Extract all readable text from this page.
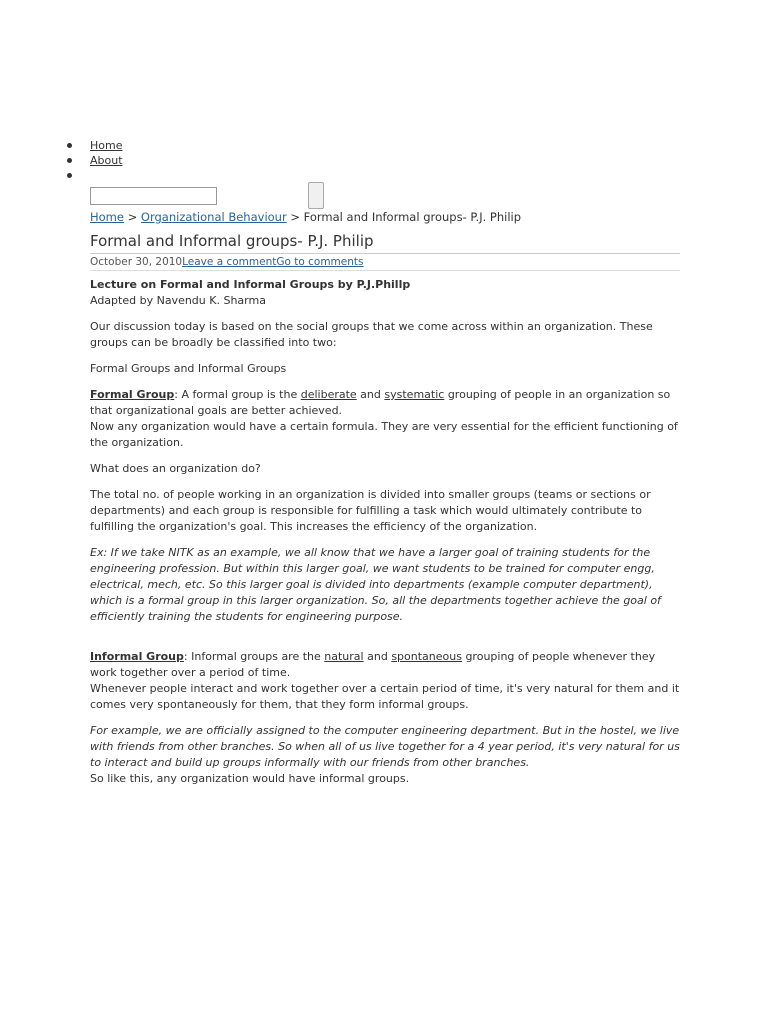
Home
About
Home > Organizational Behaviour > Formal and Informal groups- P.J. Philip
Formal and Informal groups- P.J. Philip
October 30, 2010Leave a commentGo to comments

Lecture on Formal and Informal Groups by P.J.Phillp

Adapted by Navendu K. Sharma

Our discussion today is based on the social groups that we come across within an organization. These groups can be broadly be classified into two:

Formal Groups and Informal Groups

Formal Group: A formal group is the deliberate and systematic grouping of people in an organization so that organizational goals are better achieved.
Now any organization would have a certain formula. They are very essential for the efficient functioning of the organization.

What does an organization do?

The total no. of people working in an organization is divided into smaller groups (teams or sections or departments) and each group is responsible for fulfilling a task which would ultimately contribute to fulfilling the organization's goal. This increases the efficiency of the organization.

Ex: If we take NITK as an example, we all know that we have a larger goal of training students for the engineering profession. But within this larger goal, we want students to be trained for computer engg, electrical, mech, etc. So this larger goal is divided into departments (example computer department), which is a formal group in this larger organization. So, all the departments together achieve the goal of efficiently training the students for engineering purpose.

Informal Group: Informal groups are the natural and spontaneous grouping of people whenever they work together over a period of time.
Whenever people interact and work together over a certain period of time, it's very natural for them and it comes very spontaneously for them, that they form informal groups.

For example, we are officially assigned to the computer engineering department. But in the hostel, we live with friends from other branches. So when all of us live together for a 4 year period, it's very natural for us to interact and build up groups informally with our friends from other branches.
So like this, any organization would have informal groups.
